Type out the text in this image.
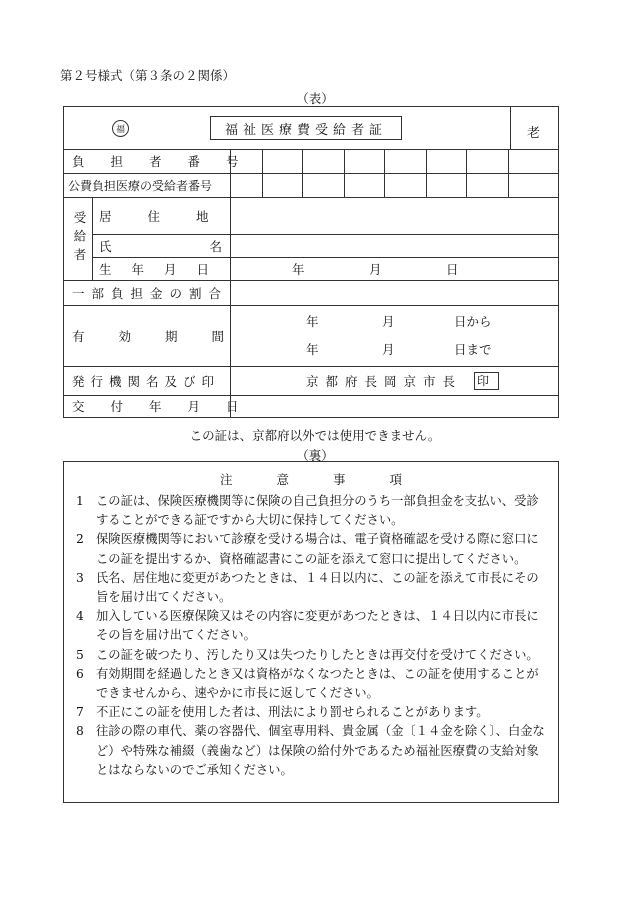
第２号様式（第３条の２関係）
（表）
福	福祉医療費受給者証	老
負担者番号
公費負担医療の受給者番号
受給者 居住地
氏名
生年月日	年	月	日
一部負担金の割合
有効期間
年	月	日から
年	月	日まで
発行機関名及び印	京都府長岡京市長 印
交付年月日
この証は、京都府以外では使用できません。
（裏）
注	意	事	項
1 この証は、保険医療機関等に保険の自己負担分のうち一部負担金を支払い、受診することができる証ですから大切に保持してください。
2 保険医療機関等において診療を受ける場合は、電子資格確認を受ける際に窓口にこの証を提出するか、資格確認書にこの証を添えて窓口に提出してください。
3 氏名、居住地に変更があつたときは、１４日以内に、この証を添えて市長にその旨を届け出てください。
4 加入している医療保険又はその内容に変更があつたときは、１４日以内に市長にその旨を届け出てください。
5 この証を破つたり、汚したり又は失つたりしたときは再交付を受けてください。
6 有効期間を経過したとき又は資格がなくなつたときは、この証を使用することができませんから、速やかに市長に返してください。
7 不正にこの証を使用した者は、刑法により罰せられることがあります。
8 往診の際の車代、薬の容器代、個室専用料、貴金属（金〔１４金を除く〕、白金など）や特殊な補綴（義歯など）は保険の給付外であるため福祉医療費の支給対象とはならないのでご承知ください。
